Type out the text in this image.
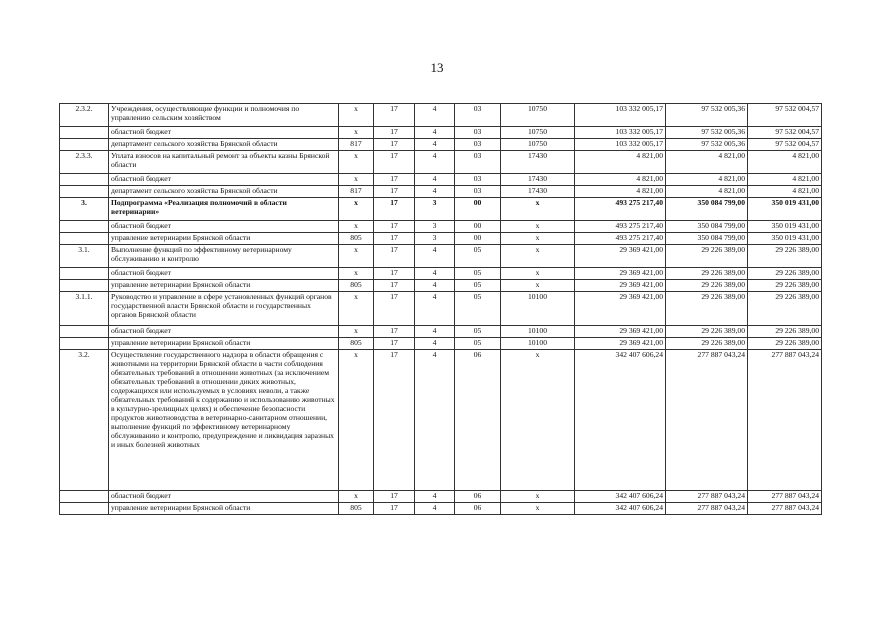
13
2.3.2.	Учреждения, осуществляющие функции и полномочия по управлению сельским хозяйством	x	17	4	03	10750	103 332 005,17	97 532 005,36	97 532 004,57
	областной бюджет	x	17	4	03	10750	103 332 005,17	97 532 005,36	97 532 004,57
	департамент сельского хозяйства Брянской области	817	17	4	03	10750	103 332 005,17	97 532 005,36	97 532 004,57
2.3.3.	Уплата взносов на капитальный ремонт за объекты казны Брянской области	x	17	4	03	17430	4 821,00	4 821,00	4 821,00
	областной бюджет	x	17	4	03	17430	4 821,00	4 821,00	4 821,00
	департамент сельского хозяйства Брянской области	817	17	4	03	17430	4 821,00	4 821,00	4 821,00
3.	Подпрограмма «Реализация полномочий в области ветеринарии»	x	17	3	00	x	493 275 217,40	350 084 799,00	350 019 431,00
	областной бюджет	x	17	3	00	x	493 275 217,40	350 084 799,00	350 019 431,00
	управление ветеринарии Брянской области	805	17	3	00	x	493 275 217,40	350 084 799,00	350 019 431,00
3.1.	Выполнение функций по эффективному ветеринарному обслуживанию и контролю	x	17	4	05	x	29 369 421,00	29 226 389,00	29 226 389,00
	областной бюджет	x	17	4	05	x	29 369 421,00	29 226 389,00	29 226 389,00
	управление ветеринарии Брянской области	805	17	4	05	x	29 369 421,00	29 226 389,00	29 226 389,00
3.1.1.	Руководство и управление в сфере установленных функций органов государственной власти Брянской области и государственных органов Брянской области	x	17	4	05	10100	29 369 421,00	29 226 389,00	29 226 389,00
	областной бюджет	x	17	4	05	10100	29 369 421,00	29 226 389,00	29 226 389,00
	управление ветеринарии Брянской области	805	17	4	05	10100	29 369 421,00	29 226 389,00	29 226 389,00
3.2.	Осуществление государственного надзора в области обращения с животными на территории Брянской области в части соблюдения обязательных требований в отношении животных (за исключением обязательных требований в отношении диких животных, содержащихся или используемых в условиях неволи, а также обязательных требований к содержанию и использованию животных в культурно-зрелищных целях) и обеспечение безопасности продуктов животноводства в ветеринарно-санитарном отношении, выполнение функций по эффективному ветеринарному обслуживанию и контролю, предупреждение и ликвидация заразных и иных болезней животных	x	17	4	06	x	342 407 606,24	277 887 043,24	277 887 043,24
	областной бюджет	x	17	4	06	x	342 407 606,24	277 887 043,24	277 887 043,24
	управление ветеринарии Брянской области	805	17	4	06	x	342 407 606,24	277 887 043,24	277 887 043,24
